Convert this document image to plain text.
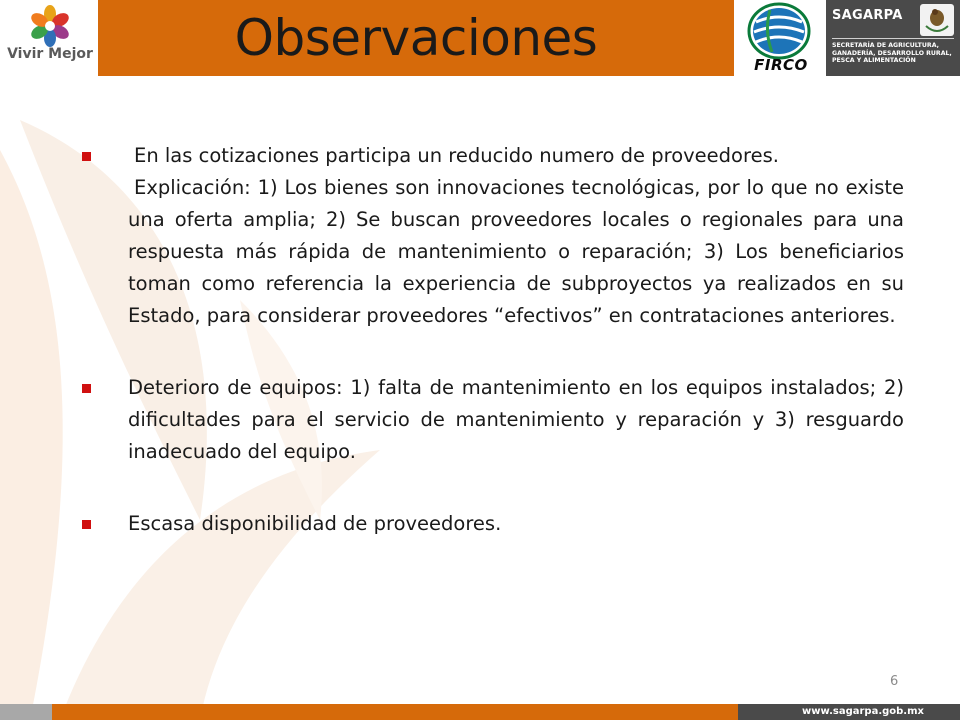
Vivir Mejor	Observaciones	FIRCO
SAGARPA
SECRETARÍA DE AGRICULTURA, GANADERÍA, DESARROLLO RURAL, PESCA Y ALIMENTACIÓN

En las cotizaciones participa un reducido numero de proveedores.

Explicación: 1) Los bienes son innovaciones tecnológicas, por lo que no existe una oferta amplia; 2) Se buscan proveedores locales o regionales para una respuesta más rápida de mantenimiento o reparación; 3) Los beneficiarios toman como referencia la experiencia de subproyectos ya realizados en su Estado, para considerar proveedores “efectivos” en contrataciones anteriores.

Deterioro de equipos: 1) falta de mantenimiento en los equipos instalados; 2) dificultades para el servicio de mantenimiento y reparación y 3) resguardo inadecuado del equipo.

Escasa disponibilidad de proveedores.

6
www.sagarpa.gob.mx
